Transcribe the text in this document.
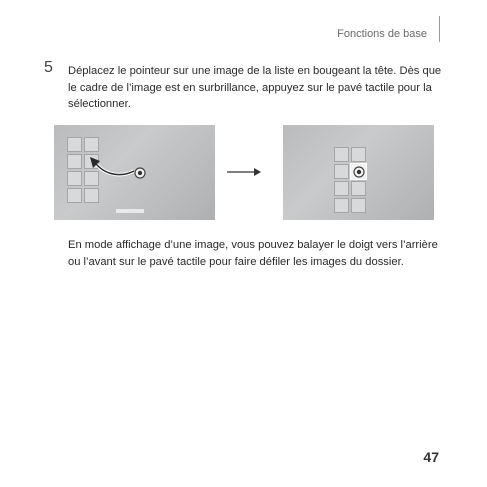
Fonctions de base
5 Déplacez le pointeur sur une image de la liste en bougeant la tête. Dès que le cadre de l’image est en surbrillance, appuyez sur le pavé tactile pour la sélectionner.
En mode affichage d’une image, vous pouvez balayer le doigt vers l’arrière ou l’avant sur le pavé tactile pour faire défiler les images du dossier.
47
